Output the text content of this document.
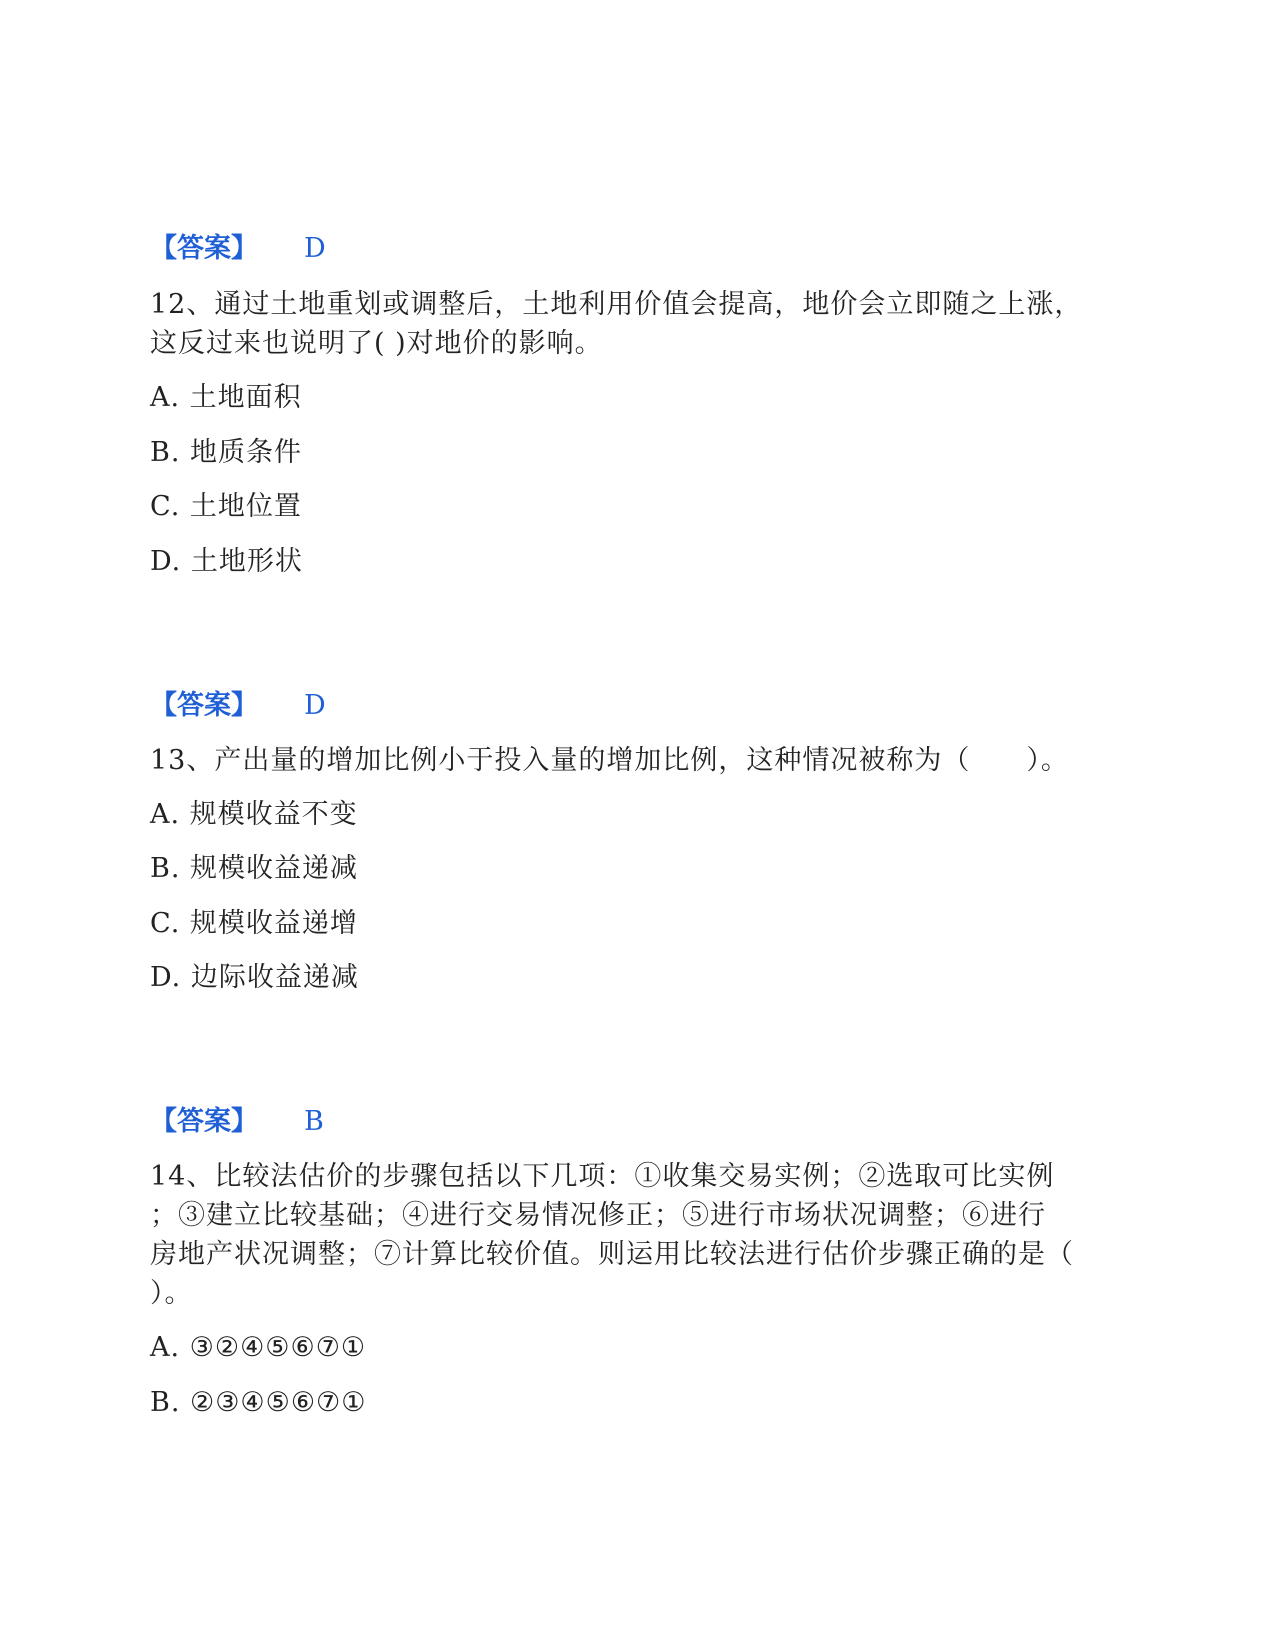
【答案】 D
12、通过土地重划或调整后，土地利用价值会提高，地价会立即随之上涨，
这反过来也说明了( )对地价的影响。
A. 土地面积
B. 地质条件
C. 土地位置
D. 土地形状
【答案】 D
13、产出量的增加比例小于投入量的增加比例，这种情况被称为（　　）。
A. 规模收益不变
B. 规模收益递减
C. 规模收益递增
D. 边际收益递减
【答案】 B
14、比较法估价的步骤包括以下几项：①收集交易实例；②选取可比实例
；③建立比较基础；④进行交易情况修正；⑤进行市场状况调整；⑥进行
房地产状况调整；⑦计算比较价值。则运用比较法进行估价步骤正确的是（
）。
A. ③②④⑤⑥⑦①
B. ②③④⑤⑥⑦①
